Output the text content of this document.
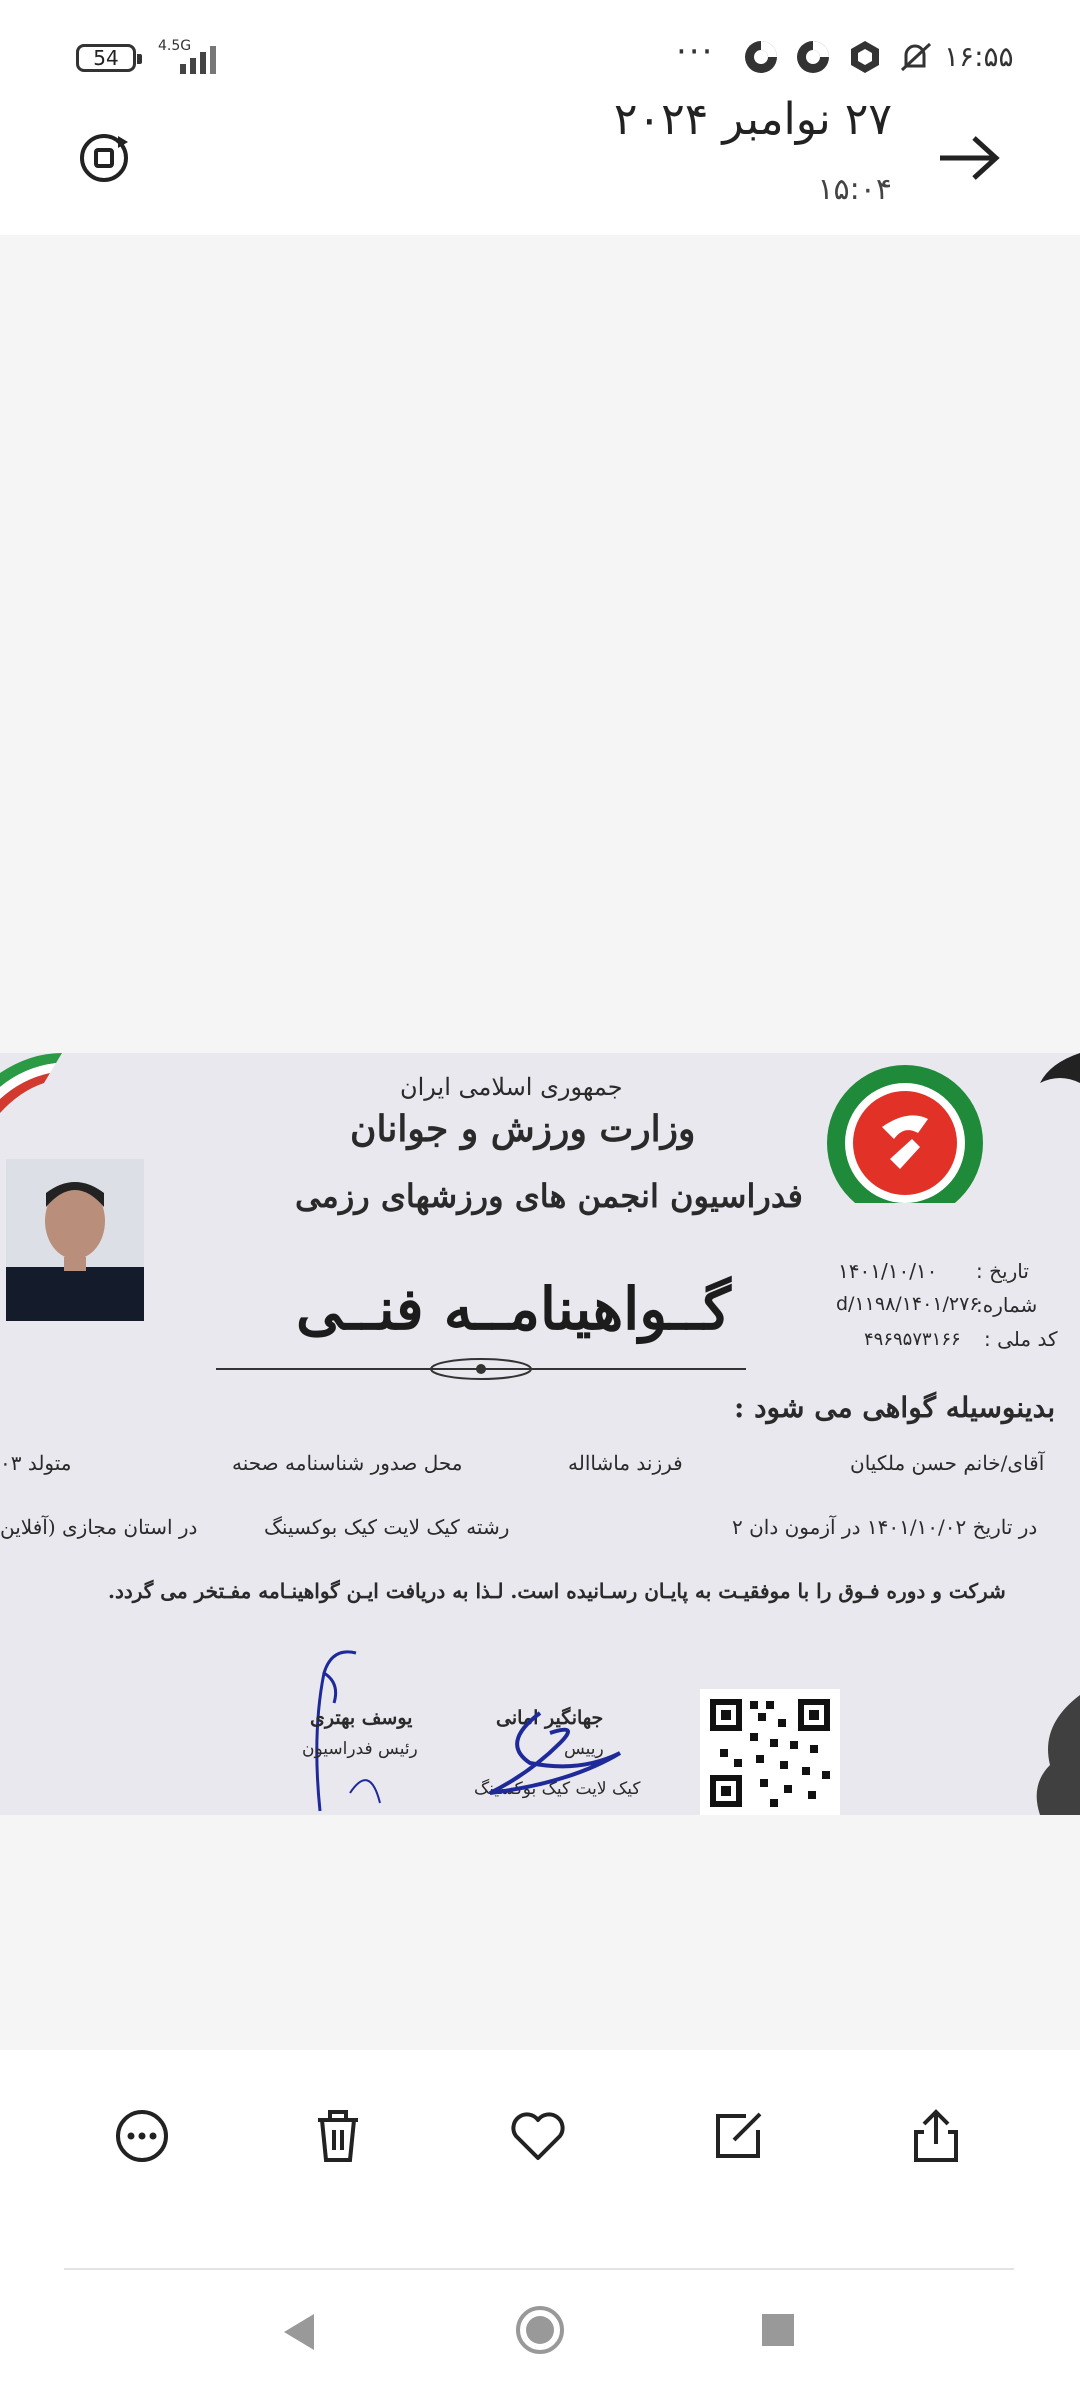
54	4.5G	···	۱۶:۵۵
۲۷ نوامبر ۲۰۲۴
۱۵:۰۴
جمهوری اسلامی ایران
وزارت ورزش و جوانان
فدراسیون انجمن های ورزشهای رزمی
گــواهینامــه فنــی
تاریخ :
۱۴۰۱/۱۰/۱۰
شماره:
۱۴۰۱/۲۷۶/d/۱۱۹۸
کد ملی :
۴۹۶۹۵۷۳۱۶۶
بدینوسیله گواهی می شود :
آقای/خانم حسن ملکیان
فرزند ماشااله
محل صدور شناسنامه صحنه
متولد ۰۳
در تاریخ ۱۴۰۱/۱۰/۰۲ در آزمون دان ۲
رشته کیک لایت کیک بوکسینگ
در استان مجازی (آفلاین
شرکت و دوره فـوق را با موفقیـت به پایـان رسـانیده است. لـذا به دریافت ایـن گواهینـامه مفـتخر می گردد.
یوسف بهتری
رئیس فدراسیون
جهانگیر امانی
رییس
کیک لایت کیک بوکسینگ
